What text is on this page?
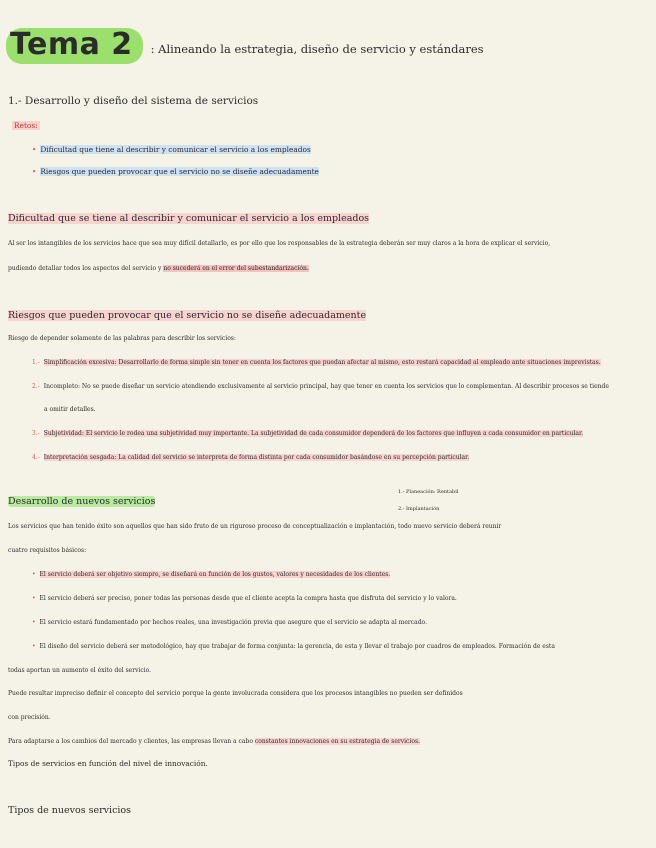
Tema 2	: Alineando la estrategia, diseño de servicio y estándares
1.- Desarrollo y diseño del sistema de servicios
Retos:
• Dificultad que tiene al describir y comunicar el servicio a los empleados
• Riesgos que pueden provocar que el servicio no se diseñe adecuadamente
Dificultad que se tiene al describir y comunicar el servicio a los empleados
Al ser los intangibles de los servicios hace que sea muy difícil detallarlo, es por ello que los responsables de la estrategia deberán ser muy claros a la hora de explicar el servicio,
pudiendo detallar todos los aspectos del servicio y no sucederá en el error del subestandarización.
Riesgos que pueden provocar que el servicio no se diseñe adecuadamente
Riesgo de depender solamente de las palabras para describir los servicios:
1.- Simplificación excesiva: Desarrollarlo de forma simple sin tener en cuenta los factores que puedan afectar al mismo, esto restará capacidad al empleado ante situaciones imprevistas.
2.- Incompleto: No se puede diseñar un servicio atendiendo exclusivamente al servicio principal, hay que tener en cuenta los servicios que lo complementan. Al describir procesos se tiende
a omitir detalles.
3.- Subjetividad: El servicio le rodea una subjetividad muy importante. La subjetividad de cada consumidor dependerá de los factores que influyen a cada consumidor en particular.
4.- Interpretación sesgada: La calidad del servicio se interpreta de forma distinta por cada consumidor basándose en su percepción particular.
Desarrollo de nuevos servicios
1.- Planeación: Rentabil
2.- Implantación
Los servicios que han tenido éxito son aquellos que han sido fruto de un riguroso proceso de conceptualización e implantación, todo nuevo servicio deberá reunir
cuatro requisitos básicos:
• El servicio deberá ser objetivo siempre, se diseñará en función de los gustos, valores y necesidades de los clientes.
• El servicio deberá ser preciso, poner todas las personas desde que el cliente acepta la compra hasta que disfruta del servicio y lo valora.
• El servicio estará fundamentado por hechos reales, una investigación previa que asegure que el servicio se adapta al mercado.
• El diseño del servicio deberá ser metodológico, hay que trabajar de forma conjunta: la gerencia, de esta y llevar el trabajo por cuadros de empleados. Formación de esta
todas aportan un aumento el éxito del servicio.
Puede resultar impreciso definir el concepto del servicio porque la gente involucrada considera que los procesos intangibles no pueden ser definidos
con precisión.
Para adaptarse a los cambios del mercado y clientes, las empresas llevan a cabo constantes innovaciones en su estrategia de servicios.
Tipos de servicios en función del nivel de innovación.
Tipos de nuevos servicios
